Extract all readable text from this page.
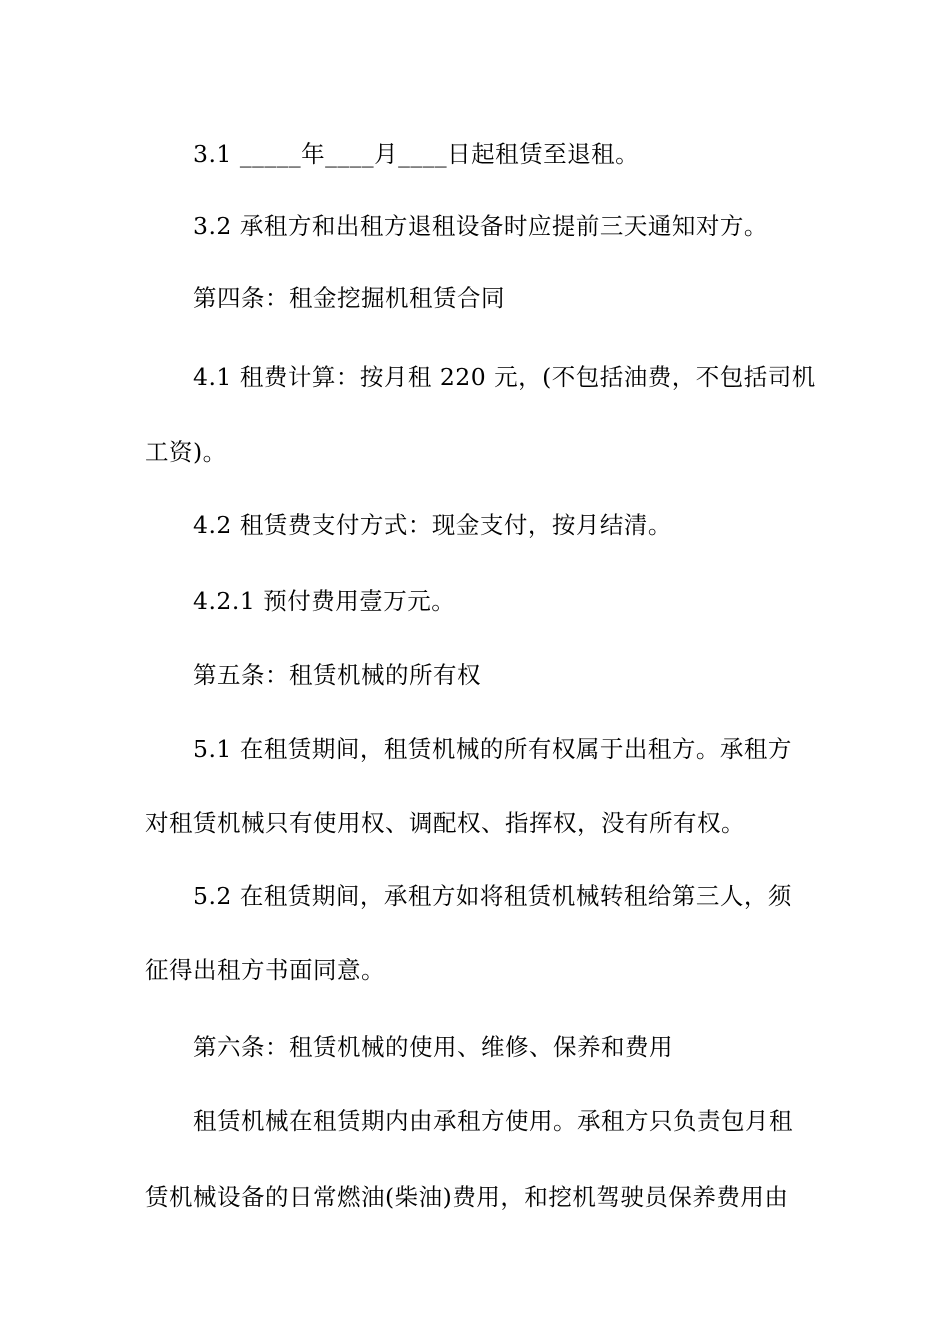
3.1 _____年____月____日起租赁至退租。
3.2 承租方和出租方退租设备时应提前三天通知对方。
第四条：租金挖掘机租赁合同
4.1 租费计算：按月租 220 元，(不包括油费，不包括司机
工资)。
4.2 租赁费支付方式：现金支付，按月结清。
4.2.1 预付费用壹万元。
第五条：租赁机械的所有权
5.1 在租赁期间，租赁机械的所有权属于出租方。承租方
对租赁机械只有使用权、调配权、指挥权，没有所有权。
5.2 在租赁期间，承租方如将租赁机械转租给第三人，须
征得出租方书面同意。
第六条：租赁机械的使用、维修、保养和费用
租赁机械在租赁期内由承租方使用。承租方只负责包月租
赁机械设备的日常燃油(柴油)费用，和挖机驾驶员保养费用由
